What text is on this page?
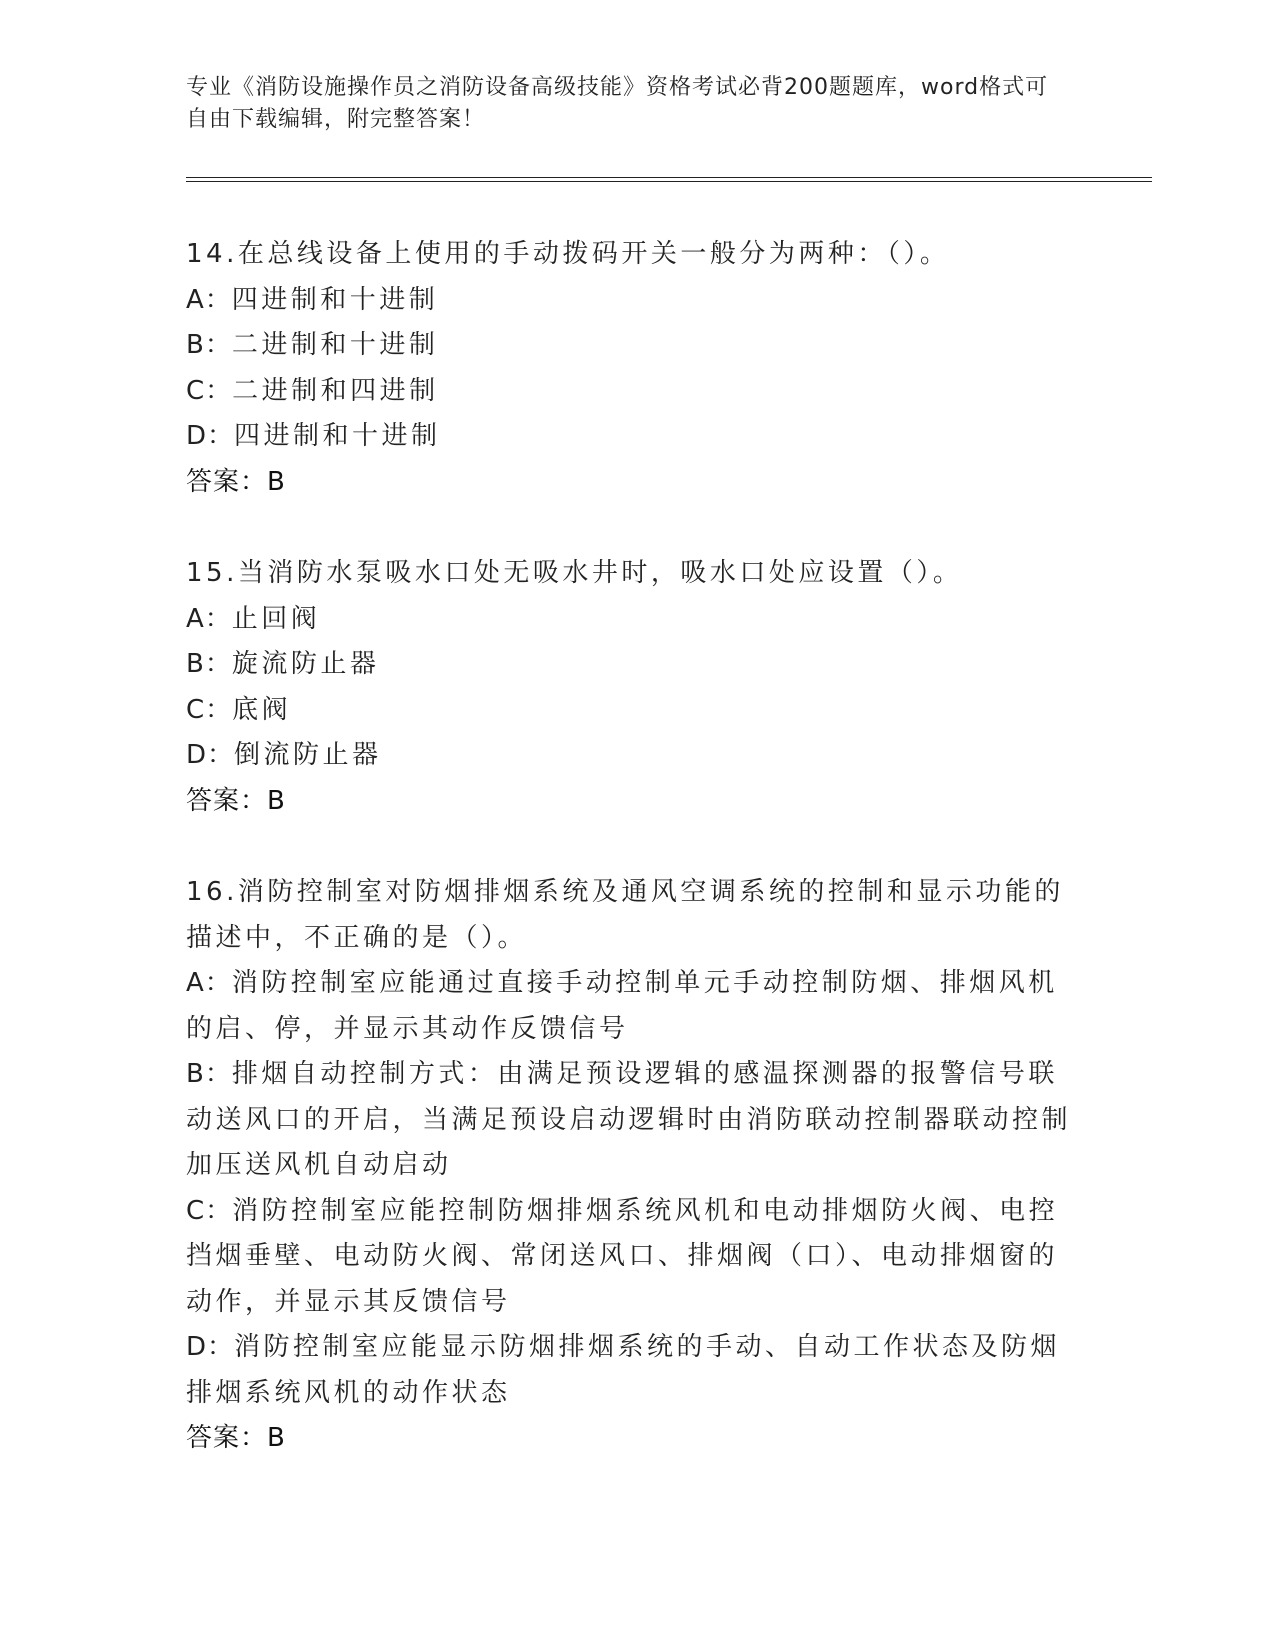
专业《消防设施操作员之消防设备高级技能》资格考试必背200题题库，word格式可自由下载编辑，附完整答案！

14.在总线设备上使用的手动拨码开关一般分为两种：（）。

A：四进制和十进制

B：二进制和十进制

C：二进制和四进制

D：四进制和十进制

答案：B

15.当消防水泵吸水口处无吸水井时，吸水口处应设置（）。

A：止回阀

B：旋流防止器

C：底阀

D：倒流防止器

答案：B

16.消防控制室对防烟排烟系统及通风空调系统的控制和显示功能的描述中，不正确的是（）。

A：消防控制室应能通过直接手动控制单元手动控制防烟、排烟风机的启、停，并显示其动作反馈信号

B：排烟自动控制方式：由满足预设逻辑的感温探测器的报警信号联动送风口的开启，当满足预设启动逻辑时由消防联动控制器联动控制加压送风机自动启动

C：消防控制室应能控制防烟排烟系统风机和电动排烟防火阀、电控挡烟垂壁、电动防火阀、常闭送风口、排烟阀（口）、电动排烟窗的动作，并显示其反馈信号

D：消防控制室应能显示防烟排烟系统的手动、自动工作状态及防烟排烟系统风机的动作状态

答案：B
